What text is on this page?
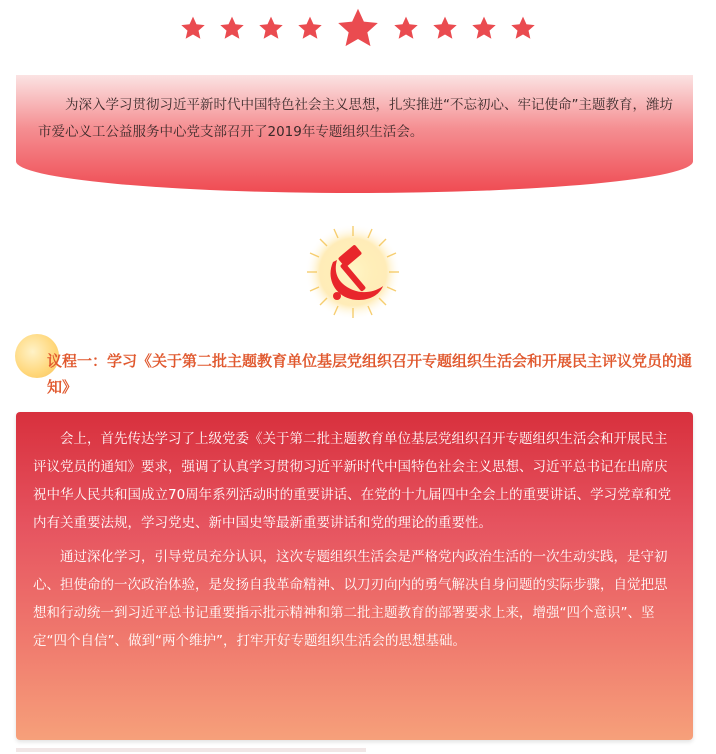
为深入学习贯彻习近平新时代中国特色社会主义思想，扎实推进“不忘初心、牢记使命”主题教育，潍坊市爱心义工公益服务中心党支部召开了2019年专题组织生活会。
议程一：学习《关于第二批主题教育单位基层党组织召开专题组织生活会和开展民主评议党员的通知》

会上，首先传达学习了上级党委《关于第二批主题教育单位基层党组织召开专题组织生活会和开展民主评议党员的通知》要求，强调了认真学习贯彻习近平新时代中国特色社会主义思想、习近平总书记在出席庆祝中华人民共和国成立70周年系列活动时的重要讲话、在党的十九届四中全会上的重要讲话、学习党章和党内有关重要法规，学习党史、新中国史等最新重要讲话和党的理论的重要性。

通过深化学习，引导党员充分认识，这次专题组织生活会是严格党内政治生活的一次生动实践，是守初心、担使命的一次政治体验，是发扬自我革命精神、以刀刃向内的勇气解决自身问题的实际步骤，自觉把思想和行动统一到习近平总书记重要指示批示精神和第二批主题教育的部署要求上来，增强“四个意识”、坚定“四个自信”、做到“两个维护”，打牢开好专题组织生活会的思想基础。
